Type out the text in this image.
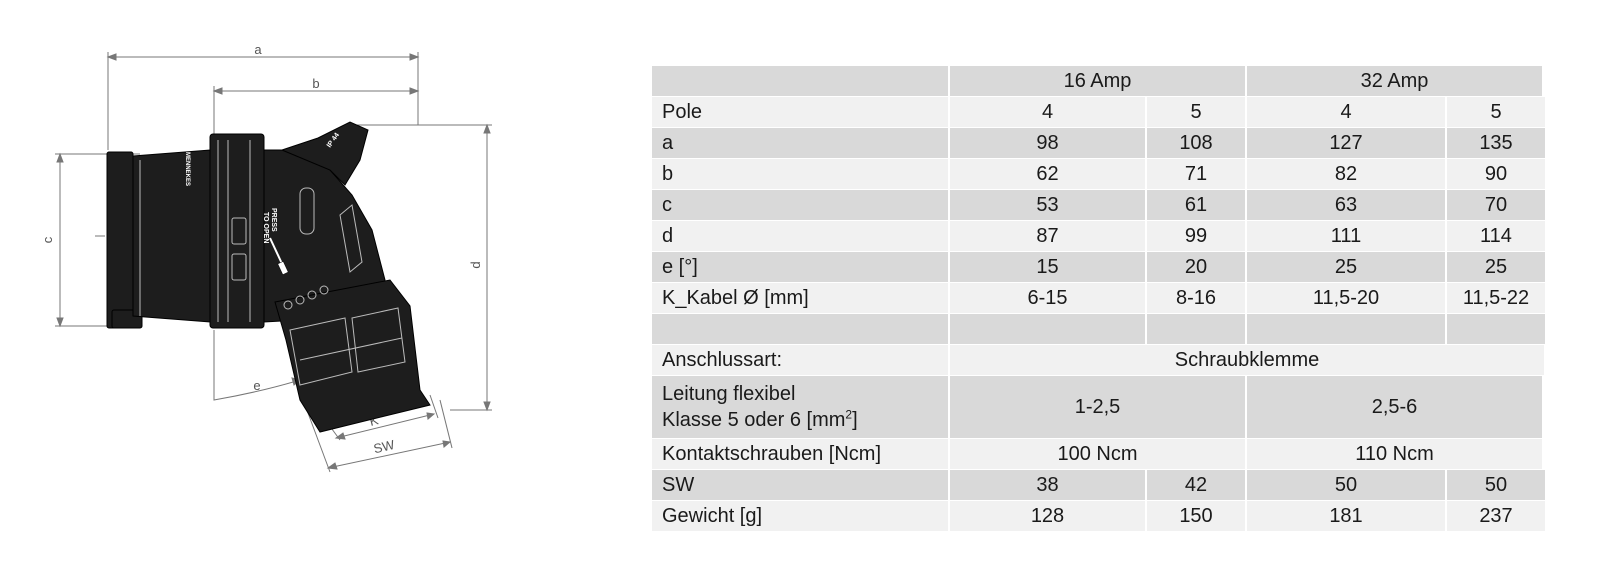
a
b
c
d
e
K
SW
PRESS
TO OPEN
IP 44
MENNEKES
16 Amp	32 Amp
Pole	4	5	4	5
a	98	108	127	135
b	62	71	82	90
c	53	61	63	70
d	87	99	111	114
e [°]	15	20	25	25
K_Kabel Ø [mm]	6-15	8-16	11,5-20	11,5-22
Anschlussart:	Schraubklemme
Leitung flexibel
Klasse 5 oder 6 $[mm^2]$
1-2,5	2,5-6
Kontaktschrauben [Ncm]	100 Ncm	110 Ncm
SW	38	42	50	50
Gewicht [g]	128	150	181	237
